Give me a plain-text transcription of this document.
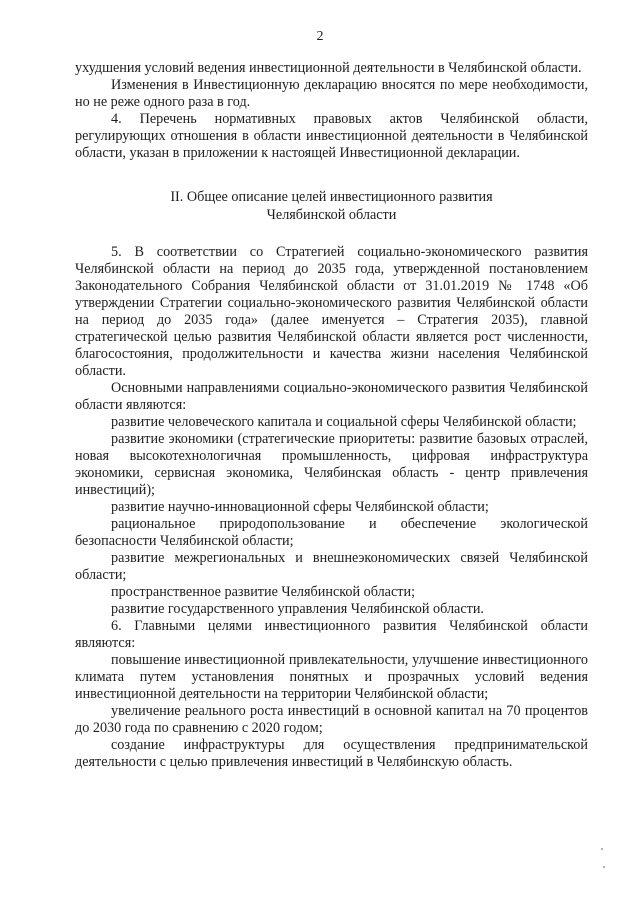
2

ухудшения условий ведения инвестиционной деятельности в Челябинской области.

Изменения в Инвестиционную декларацию вносятся по мере необходимости, но не реже одного раза в год.

4. Перечень нормативных правовых актов Челябинской области, регулирующих отношения в области инвестиционной деятельности в Челябинской области, указан в приложении к настоящей Инвестиционной декларации.

II. Общее описание целей инвестиционного развития
Челябинской области

5. В соответствии со Стратегией социально-экономического развития Челябинской области на период до 2035 года, утвержденной постановлением Законодательного Собрания Челябинской области от 31.01.2019 № 1748 «Об утверждении Стратегии социально-экономического развития Челябинской области на период до 2035 года» (далее именуется – Стратегия 2035), главной стратегической целью развития Челябинской области является рост численности, благосостояния, продолжительности и качества жизни населения Челябинской области.

Основными направлениями социально-экономического развития Челябинской области являются:

развитие человеческого капитала и социальной сферы Челябинской области;

развитие экономики (стратегические приоритеты: развитие базовых отраслей, новая высокотехнологичная промышленность, цифровая инфраструктура экономики, сервисная экономика, Челябинская область - центр привлечения инвестиций);

развитие научно-инновационной сферы Челябинской области;

рациональное природопользование и обеспечение экологической безопасности Челябинской области;

развитие межрегиональных и внешнеэкономических связей Челябинской области;

пространственное развитие Челябинской области;

развитие государственного управления Челябинской области.

6. Главными целями инвестиционного развития Челябинской области являются:

повышение инвестиционной привлекательности, улучшение инвестиционного климата путем установления понятных и прозрачных условий ведения инвестиционной деятельности на территории Челябинской области;

увеличение реального роста инвестиций в основной капитал на 70 процентов до 2030 года по сравнению с 2020 годом;

создание инфраструктуры для осуществления предпринимательской деятельности с целью привлечения инвестиций в Челябинскую область.
